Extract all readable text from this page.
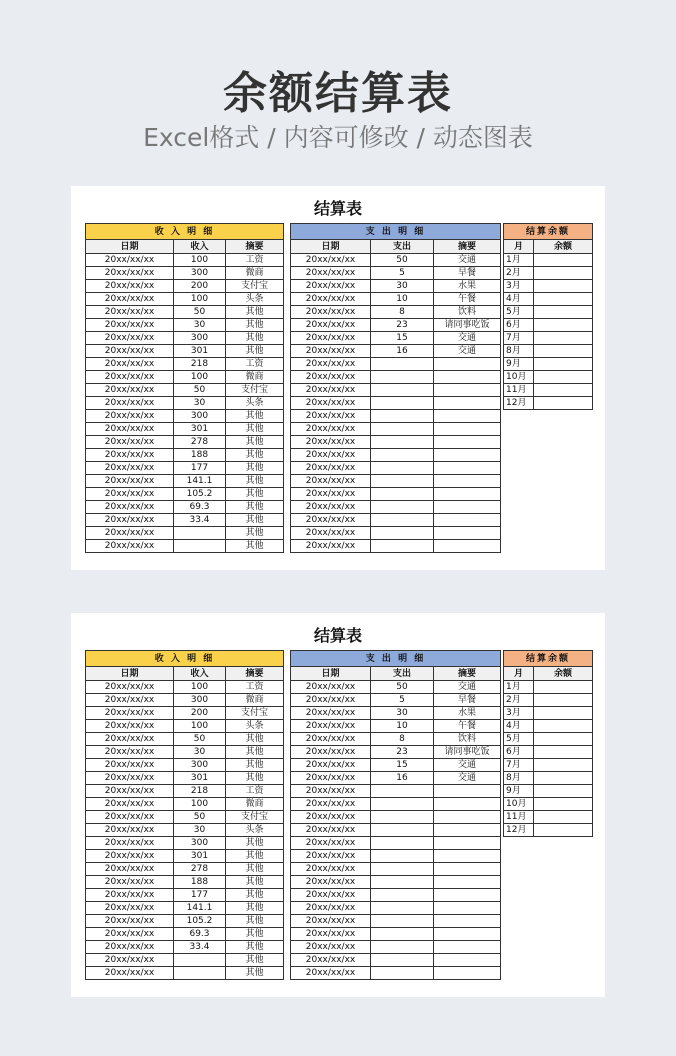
余额结算表
Excel格式 / 内容可修改 / 动态图表
结算表
收 入 明 细		
日期	收入	摘要
20xx/xx/xx	100	工资
20xx/xx/xx	300	微商
20xx/xx/xx	200	支付宝
20xx/xx/xx	100	头条
20xx/xx/xx	50	其他
20xx/xx/xx	30	其他
20xx/xx/xx	300	其他
20xx/xx/xx	301	其他
20xx/xx/xx	218	工资
20xx/xx/xx	100	微商
20xx/xx/xx	50	支付宝
20xx/xx/xx	30	头条
20xx/xx/xx	300	其他
20xx/xx/xx	301	其他
20xx/xx/xx	278	其他
20xx/xx/xx	188	其他
20xx/xx/xx	177	其他
20xx/xx/xx	141.1	其他
20xx/xx/xx	105.2	其他
20xx/xx/xx	69.3	其他
20xx/xx/xx	33.4	其他
20xx/xx/xx		其他
20xx/xx/xx		其他
支 出 明 细		
日期	支出	摘要
20xx/xx/xx	50	交通
20xx/xx/xx	5	早餐
20xx/xx/xx	30	水果
20xx/xx/xx	10	午餐
20xx/xx/xx	8	饮料
20xx/xx/xx	23	请同事吃饭
20xx/xx/xx	15	交通
20xx/xx/xx	16	交通
20xx/xx/xx		
20xx/xx/xx		
20xx/xx/xx		
20xx/xx/xx		
20xx/xx/xx		
20xx/xx/xx		
20xx/xx/xx		
20xx/xx/xx		
20xx/xx/xx		
20xx/xx/xx		
20xx/xx/xx		
20xx/xx/xx		
20xx/xx/xx		
20xx/xx/xx		
20xx/xx/xx		
结算余额	
月	余额
1月	
2月	
3月	
4月	
5月	
6月	
7月	
8月	
9月	
10月	
11月	
12月	
结算表
收 入 明 细		
日期	收入	摘要
20xx/xx/xx	100	工资
20xx/xx/xx	300	微商
20xx/xx/xx	200	支付宝
20xx/xx/xx	100	头条
20xx/xx/xx	50	其他
20xx/xx/xx	30	其他
20xx/xx/xx	300	其他
20xx/xx/xx	301	其他
20xx/xx/xx	218	工资
20xx/xx/xx	100	微商
20xx/xx/xx	50	支付宝
20xx/xx/xx	30	头条
20xx/xx/xx	300	其他
20xx/xx/xx	301	其他
20xx/xx/xx	278	其他
20xx/xx/xx	188	其他
20xx/xx/xx	177	其他
20xx/xx/xx	141.1	其他
20xx/xx/xx	105.2	其他
20xx/xx/xx	69.3	其他
20xx/xx/xx	33.4	其他
20xx/xx/xx		其他
20xx/xx/xx		其他
支 出 明 细		
日期	支出	摘要
20xx/xx/xx	50	交通
20xx/xx/xx	5	早餐
20xx/xx/xx	30	水果
20xx/xx/xx	10	午餐
20xx/xx/xx	8	饮料
20xx/xx/xx	23	请同事吃饭
20xx/xx/xx	15	交通
20xx/xx/xx	16	交通
20xx/xx/xx		
20xx/xx/xx		
20xx/xx/xx		
20xx/xx/xx		
20xx/xx/xx		
20xx/xx/xx		
20xx/xx/xx		
20xx/xx/xx		
20xx/xx/xx		
20xx/xx/xx		
20xx/xx/xx		
20xx/xx/xx		
20xx/xx/xx		
20xx/xx/xx		
20xx/xx/xx		
结算余额	
月	余额
1月	
2月	
3月	
4月	
5月	
6月	
7月	
8月	
9月	
10月	
11月	
12月	
